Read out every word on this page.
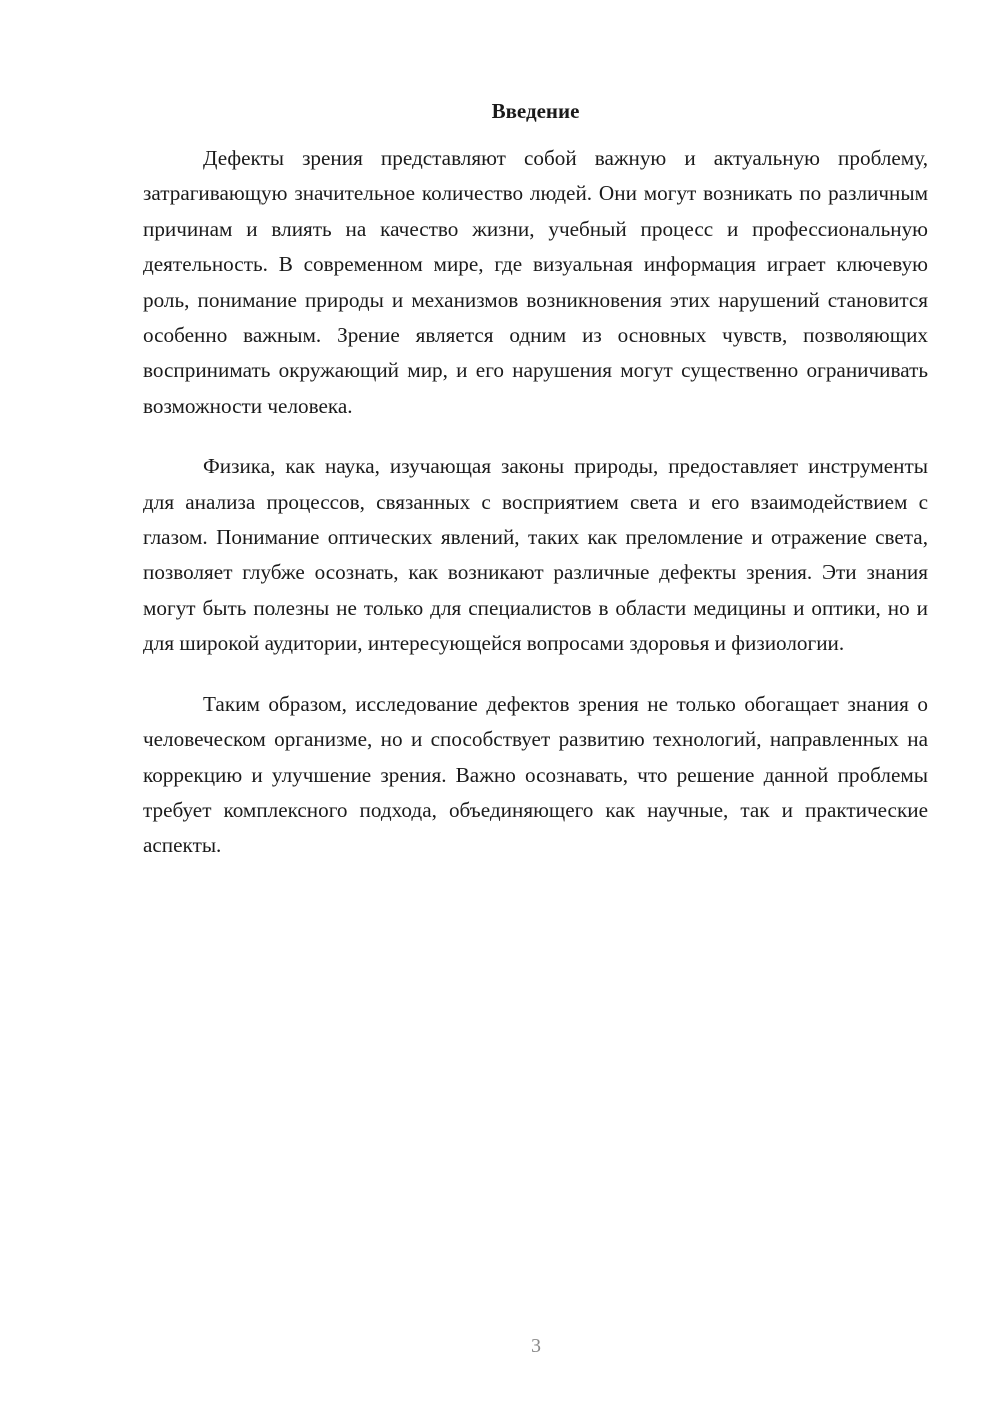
Введение

Дефекты зрения представляют собой важную и актуальную проблему, затрагивающую значительное количество людей. Они могут возникать по различным причинам и влиять на качество жизни, учебный процесс и профессиональную деятельность. В современном мире, где визуальная информация играет ключевую роль, понимание природы и механизмов возникновения этих нарушений становится особенно важным. Зрение является одним из основных чувств, позволяющих воспринимать окружающий мир, и его нарушения могут существенно ограничивать возможности человека.

Физика, как наука, изучающая законы природы, предоставляет инструменты для анализа процессов, связанных с восприятием света и его взаимодействием с глазом. Понимание оптических явлений, таких как преломление и отражение света, позволяет глубже осознать, как возникают различные дефекты зрения. Эти знания могут быть полезны не только для специалистов в области медицины и оптики, но и для широкой аудитории, интересующейся вопросами здоровья и физиологии.

Таким образом, исследование дефектов зрения не только обогащает знания о человеческом организме, но и способствует развитию технологий, направленных на коррекцию и улучшение зрения. Важно осознавать, что решение данной проблемы требует комплексного подхода, объединяющего как научные, так и практические аспекты.

3
